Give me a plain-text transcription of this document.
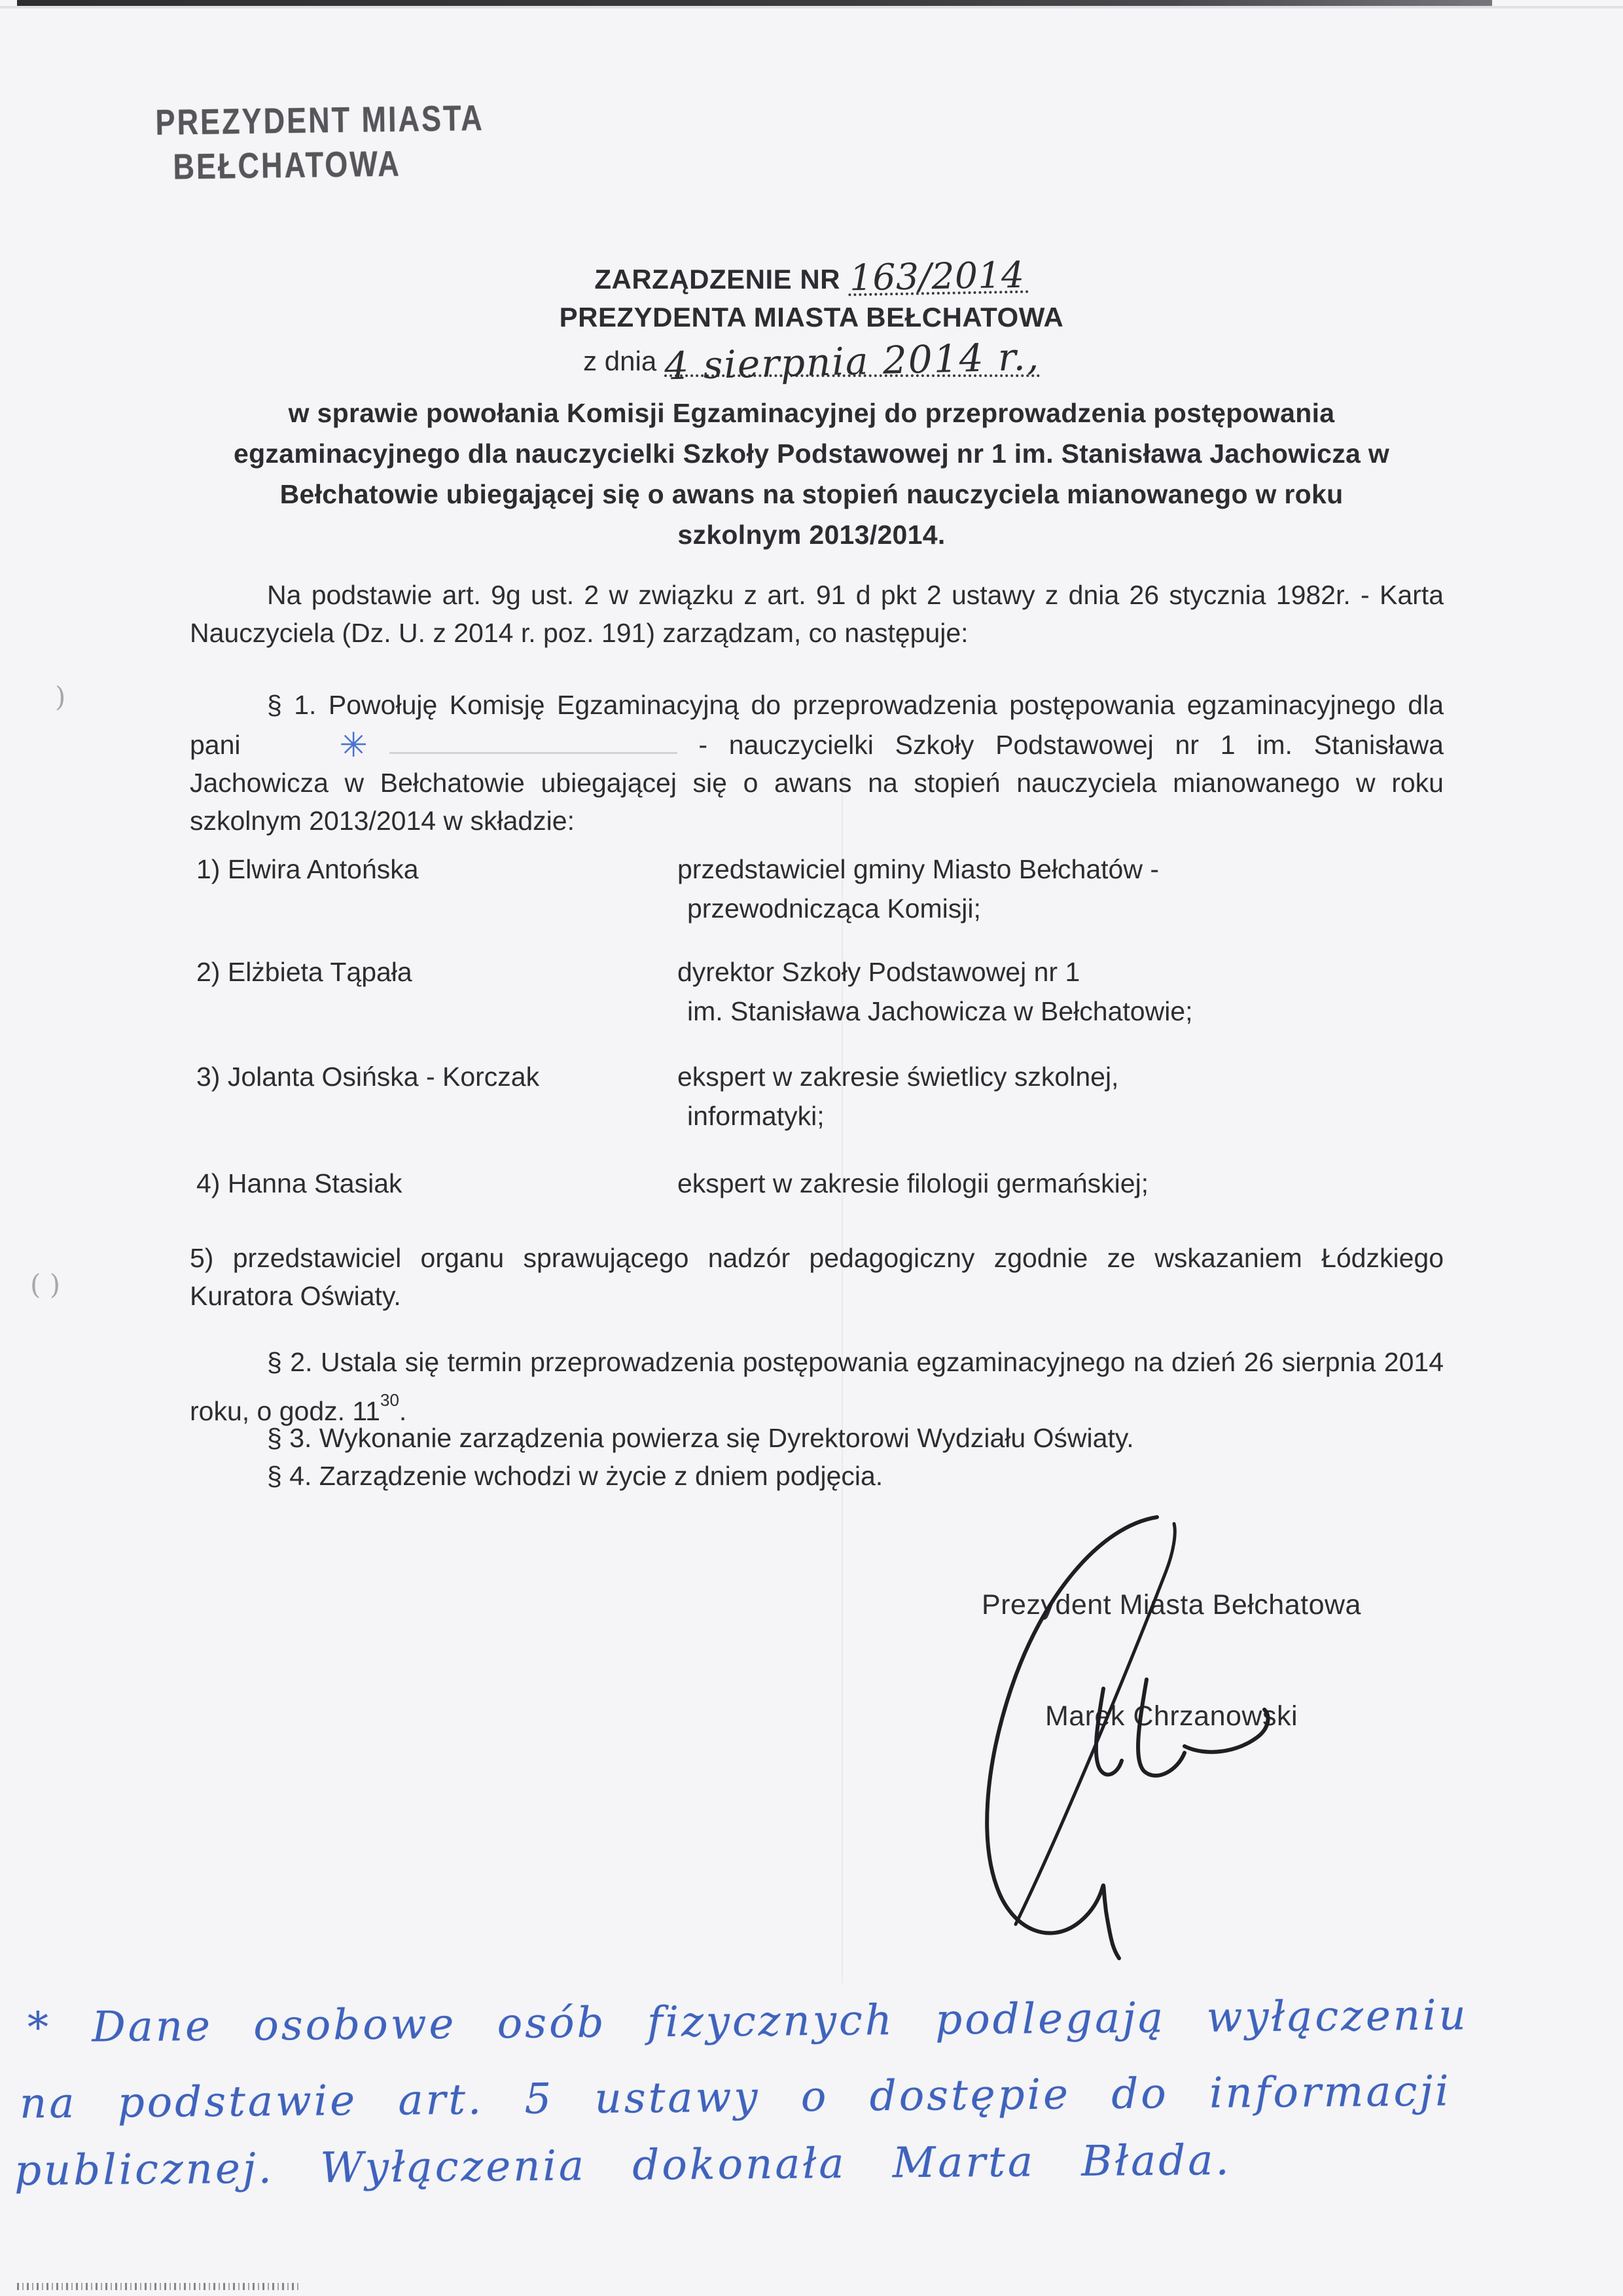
)
( )
PREZYDENT MIASTA
BEŁCHATOWA
ZARZĄDZENIE NR 163/2014
PREZYDENTA MIASTA BEŁCHATOWA
z dnia 4 sierpnia 2014 r.,
w sprawie powołania Komisji Egzaminacyjnej do przeprowadzenia postępowania egzaminacyjnego dla nauczycielki Szkoły Podstawowej nr 1 im. Stanisława Jachowicza w Bełchatowie ubiegającej się o awans na stopień nauczyciela mianowanego w roku szkolnym 2013/2014.
Na podstawie art. 9g ust. 2 w związku z art. 91 d pkt 2 ustawy z dnia 26 stycznia 1982r. - Karta Nauczyciela (Dz. U. z 2014 r. poz. 191) zarządzam, co następuje:
§ 1. Powołuję Komisję Egzaminacyjną do przeprowadzenia postępowania egzaminacyjnego dla pani	✳	- nauczycielki Szkoły Podstawowej nr 1 im. Stanisława Jachowicza w Bełchatowie ubiegającej się o awans na stopień nauczyciela mianowanego w roku szkolnym 2013/2014 w składzie:
1) Elwira Antońska	przedstawiciel gminy Miasto Bełchatów -
przewodnicząca Komisji;
2) Elżbieta Tąpała	dyrektor Szkoły Podstawowej nr 1
im. Stanisława Jachowicza w Bełchatowie;
3) Jolanta Osińska - Korczak	ekspert w zakresie świetlicy szkolnej,
informatyki;
4) Hanna Stasiak	ekspert w zakresie filologii germańskiej;
5) przedstawiciel organu sprawującego nadzór pedagogiczny zgodnie ze wskazaniem Łódzkiego Kuratora Oświaty.
§ 2. Ustala się termin przeprowadzenia postępowania egzaminacyjnego na dzień 26 sierpnia 2014 roku, o godz. $11^{30}$.
§ 3. Wykonanie zarządzenia powierza się Dyrektorowi Wydziału Oświaty.
§ 4. Zarządzenie wchodzi w życie z dniem podjęcia.
Prezydent Miasta Bełchatowa
Marek Chrzanowski
* Dane osobowe osób fizycznych podlegają wyłączeniu
na podstawie art. 5 ustawy o dostępie do informacji
publicznej. Wyłączenia dokonała Marta Błada.
